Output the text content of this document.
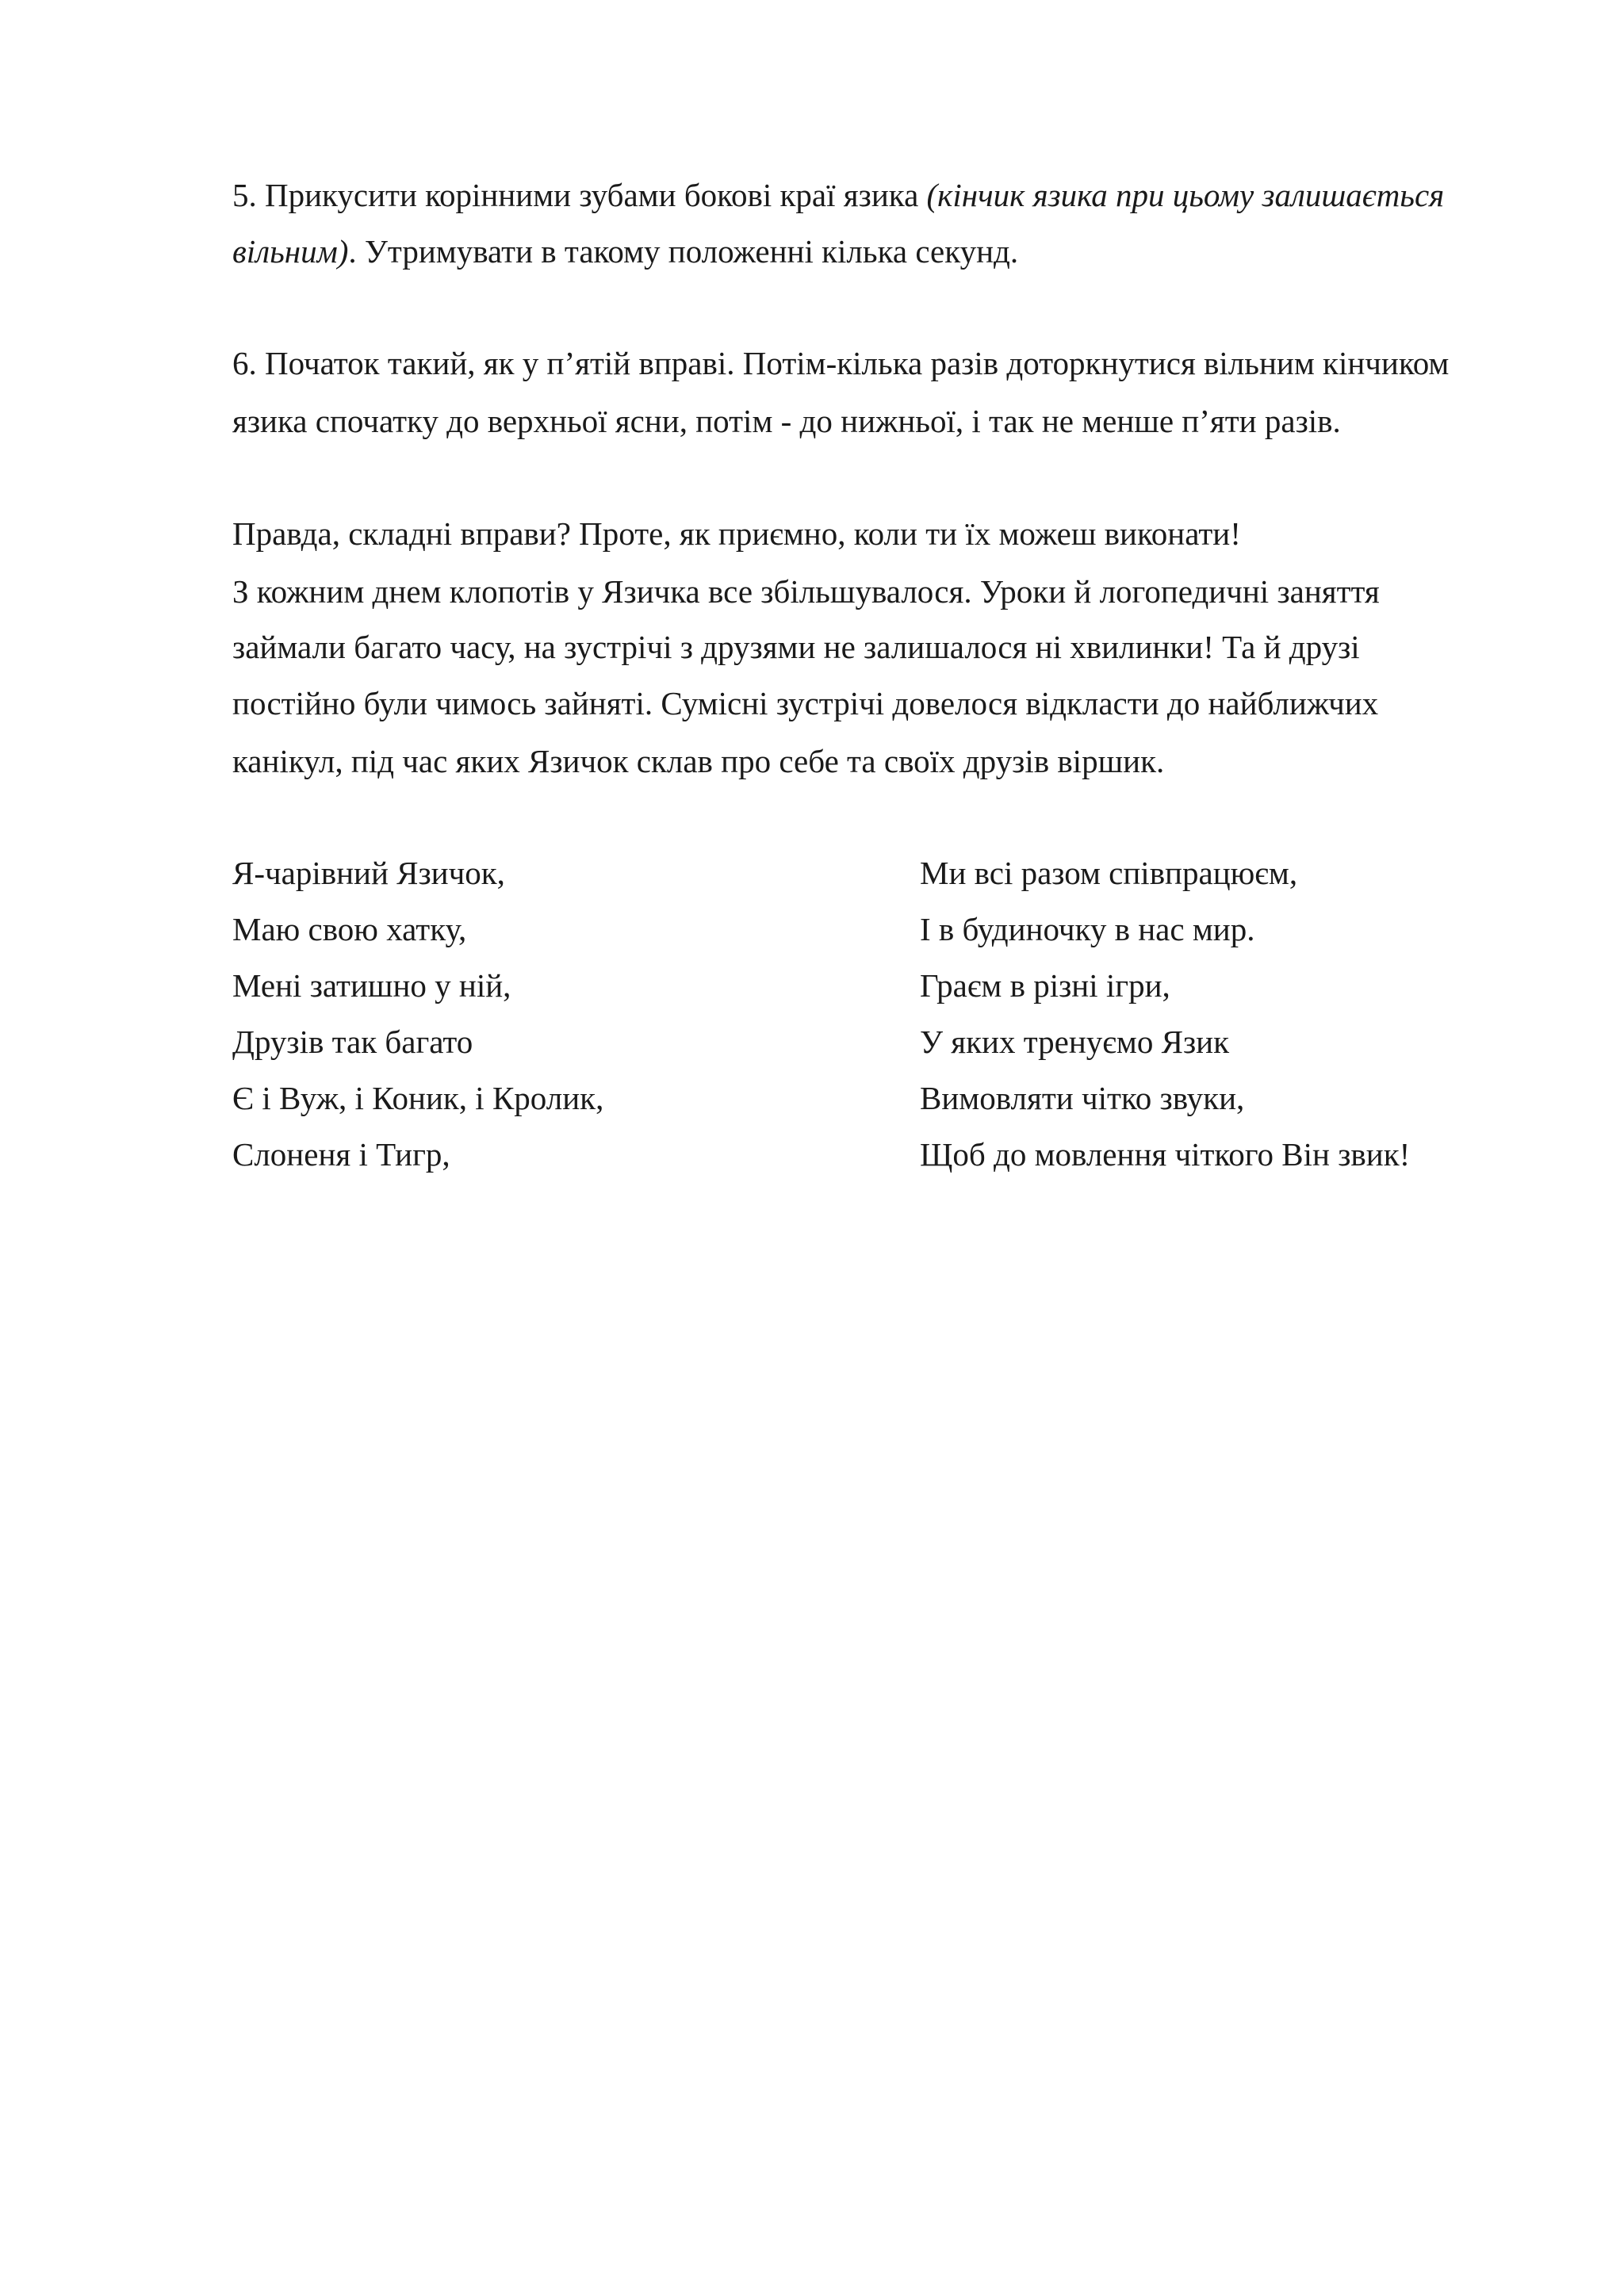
5. Прикусити корінними зубами бокові краї язика (кінчик язика при цьому залишається
вільним). Утримувати в такому положенні кілька секунд.
6. Початок такий, як у п’ятій вправі. Потім-кілька разів доторкнутися вільним кінчиком
язика спочатку до верхньої ясни, потім - до нижньої, і так не менше п’яти разів.
Правда, складні вправи? Проте, як приємно, коли ти їх можеш виконати!
З кожним днем клопотів у Язичка все збільшувалося. Уроки й логопедичні заняття
займали багато часу, на зустрічі з друзями не залишалося ні хвилинки! Та й друзі
постійно були чимось зайняті. Сумісні зустрічі довелося відкласти до найближчих
канікул, під час яких Язичок склав про себе та своїх друзів віршик.
Я-чарівний Язичок,
Маю свою хатку,
Мені затишно у ній,
Друзів так багато
Є і Вуж, і Коник, і Кролик,
Слоненя і Тигр,
Ми всі разом співпрацюєм,
І в будиночку в нас мир.
Граєм в різні ігри,
У яких тренуємо Язик
Вимовляти чітко звуки,
Щоб до мовлення чіткого Він звик!
